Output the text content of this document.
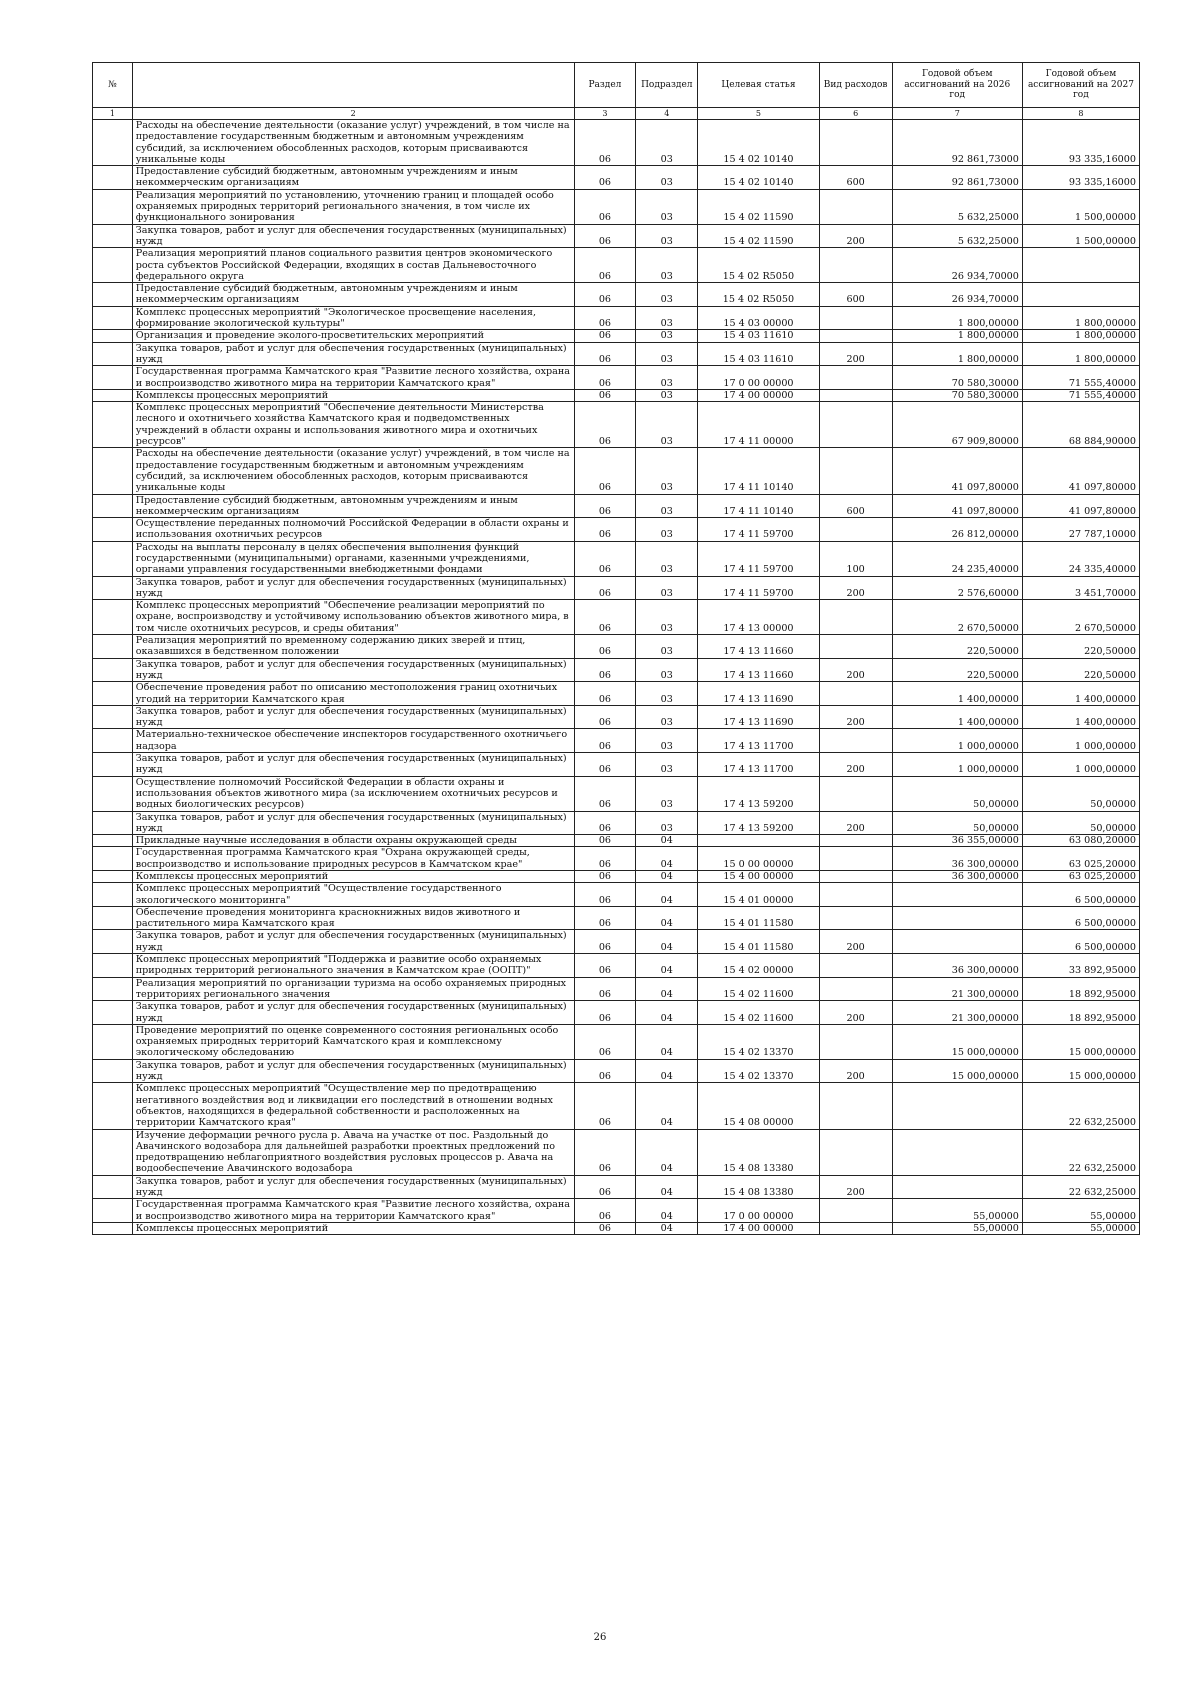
№		Раздел	Подраздел	Целевая статья	Вид расходов	Годовой объем ассигнований на 2026 год	Годовой объем ассигнований на 2027 год
1	2	3	4	5	6	7	8
	Расходы на обеспечение деятельности (оказание услуг) учреждений, в том числе на предоставление государственным бюджетным и автономным учреждениям субсидий, за исключением обособленных расходов, которым присваиваются уникальные коды	06	03	15 4 02 10140		92 861,73000	93 335,16000
	Предоставление субсидий бюджетным, автономным учреждениям и иным некоммерческим организациям	06	03	15 4 02 10140	600	92 861,73000	93 335,16000
	Реализация мероприятий по установлению, уточнению границ и площадей особо охраняемых природных территорий регионального значения, в том числе их функционального зонирования	06	03	15 4 02 11590		5 632,25000	1 500,00000
	Закупка товаров, работ и услуг для обеспечения государственных (муниципальных) нужд	06	03	15 4 02 11590	200	5 632,25000	1 500,00000
	Реализация мероприятий планов социального развития центров экономического роста субъектов Российской Федерации, входящих в состав Дальневосточного федерального округа	06	03	15 4 02 R5050		26 934,70000	
	Предоставление субсидий бюджетным, автономным учреждениям и иным некоммерческим организациям	06	03	15 4 02 R5050	600	26 934,70000	
	Комплекс процессных мероприятий "Экологическое просвещение населения, формирование экологической культуры"	06	03	15 4 03 00000		1 800,00000	1 800,00000
	Организация и проведение эколого-просветительских мероприятий	06	03	15 4 03 11610		1 800,00000	1 800,00000
	Закупка товаров, работ и услуг для обеспечения государственных (муниципальных) нужд	06	03	15 4 03 11610	200	1 800,00000	1 800,00000
	Государственная программа Камчатского края "Развитие лесного хозяйства, охрана и воспроизводство животного мира на территории Камчатского края"	06	03	17 0 00 00000		70 580,30000	71 555,40000
	Комплексы процессных мероприятий	06	03	17 4 00 00000		70 580,30000	71 555,40000
	Комплекс процессных мероприятий "Обеспечение деятельности Министерства лесного и охотничьего хозяйства Камчатского края и подведомственных учреждений в области охраны и использования животного мира и охотничьих ресурсов"	06	03	17 4 11 00000		67 909,80000	68 884,90000
	Расходы на обеспечение деятельности (оказание услуг) учреждений, в том числе на предоставление государственным бюджетным и автономным учреждениям субсидий, за исключением обособленных расходов, которым присваиваются уникальные коды	06	03	17 4 11 10140		41 097,80000	41 097,80000
	Предоставление субсидий бюджетным, автономным учреждениям и иным некоммерческим организациям	06	03	17 4 11 10140	600	41 097,80000	41 097,80000
	Осуществление переданных полномочий Российской Федерации в области охраны и использования охотничьих ресурсов	06	03	17 4 11 59700		26 812,00000	27 787,10000
	Расходы на выплаты персоналу в целях обеспечения выполнения функций государственными (муниципальными) органами, казенными учреждениями, органами управления государственными внебюджетными фондами	06	03	17 4 11 59700	100	24 235,40000	24 335,40000
	Закупка товаров, работ и услуг для обеспечения государственных (муниципальных) нужд	06	03	17 4 11 59700	200	2 576,60000	3 451,70000
	Комплекс процессных мероприятий "Обеспечение реализации мероприятий по охране, воспроизводству и устойчивому использованию объектов животного мира, в том числе охотничьих ресурсов, и среды обитания"	06	03	17 4 13 00000		2 670,50000	2 670,50000
	Реализация мероприятий по временному содержанию диких зверей и птиц, оказавшихся в бедственном положении	06	03	17 4 13 11660		220,50000	220,50000
	Закупка товаров, работ и услуг для обеспечения государственных (муниципальных) нужд	06	03	17 4 13 11660	200	220,50000	220,50000
	Обеспечение проведения работ по описанию местоположения границ охотничьих угодий на территории Камчатского края	06	03	17 4 13 11690		1 400,00000	1 400,00000
	Закупка товаров, работ и услуг для обеспечения государственных (муниципальных) нужд	06	03	17 4 13 11690	200	1 400,00000	1 400,00000
	Материально-техническое обеспечение инспекторов государственного охотничьего надзора	06	03	17 4 13 11700		1 000,00000	1 000,00000
	Закупка товаров, работ и услуг для обеспечения государственных (муниципальных) нужд	06	03	17 4 13 11700	200	1 000,00000	1 000,00000
	Осуществление полномочий Российской Федерации в области охраны и использования объектов животного мира (за исключением охотничьих ресурсов и водных биологических ресурсов)	06	03	17 4 13 59200		50,00000	50,00000
	Закупка товаров, работ и услуг для обеспечения государственных (муниципальных) нужд	06	03	17 4 13 59200	200	50,00000	50,00000
	Прикладные научные исследования в области охраны окружающей среды	06	04			36 355,00000	63 080,20000
	Государственная программа Камчатского края "Охрана окружающей среды, воспроизводство и использование природных ресурсов в Камчатском крае"	06	04	15 0 00 00000		36 300,00000	63 025,20000
	Комплексы процессных мероприятий	06	04	15 4 00 00000		36 300,00000	63 025,20000
	Комплекс процессных мероприятий "Осуществление государственного экологического мониторинга"	06	04	15 4 01 00000			6 500,00000
	Обеспечение проведения мониторинга краснокнижных видов животного и растительного мира Камчатского края	06	04	15 4 01 11580			6 500,00000
	Закупка товаров, работ и услуг для обеспечения государственных (муниципальных) нужд	06	04	15 4 01 11580	200		6 500,00000
	Комплекс процессных мероприятий "Поддержка и развитие особо охраняемых природных территорий регионального значения в Камчатском крае (ООПТ)"	06	04	15 4 02 00000		36 300,00000	33 892,95000
	Реализация мероприятий по организации туризма на особо охраняемых природных территориях регионального значения	06	04	15 4 02 11600		21 300,00000	18 892,95000
	Закупка товаров, работ и услуг для обеспечения государственных (муниципальных) нужд	06	04	15 4 02 11600	200	21 300,00000	18 892,95000
	Проведение мероприятий по оценке современного состояния региональных особо охраняемых природных территорий Камчатского края и комплексному экологическому обследованию	06	04	15 4 02 13370		15 000,00000	15 000,00000
	Закупка товаров, работ и услуг для обеспечения государственных (муниципальных) нужд	06	04	15 4 02 13370	200	15 000,00000	15 000,00000
	Комплекс процессных мероприятий "Осуществление мер по предотвращению негативного воздействия вод и ликвидации его последствий в отношении водных объектов, находящихся в федеральной собственности и расположенных на территории Камчатского края"	06	04	15 4 08 00000			22 632,25000
	Изучение деформации речного русла р. Авача на участке от пос. Раздольный до Авачинского водозабора для дальнейшей разработки проектных предложений по предотвращению неблагоприятного воздействия русловых процессов р. Авача на водообеспечение Авачинского водозабора	06	04	15 4 08 13380			22 632,25000
	Закупка товаров, работ и услуг для обеспечения государственных (муниципальных) нужд	06	04	15 4 08 13380	200		22 632,25000
	Государственная программа Камчатского края "Развитие лесного хозяйства, охрана и воспроизводство животного мира на территории Камчатского края"	06	04	17 0 00 00000		55,00000	55,00000
	Комплексы процессных мероприятий	06	04	17 4 00 00000		55,00000	55,00000
26
